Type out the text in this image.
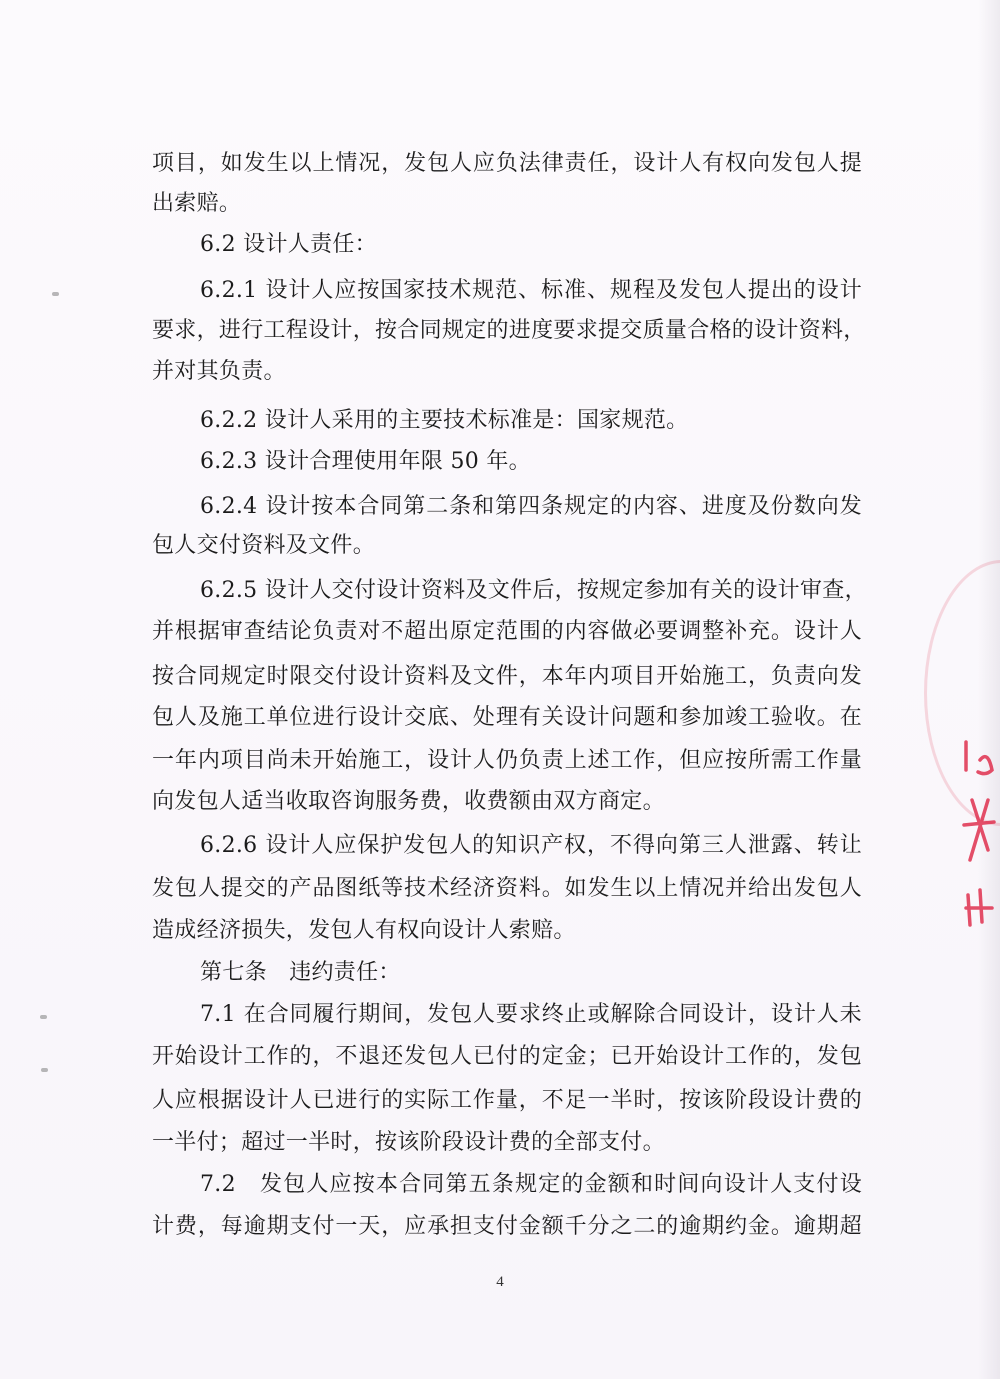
项目，如发生以上情况，发包人应负法律责任，设计人有权向发包人提
出索赔。
6.2 设计人责任：
6.2.1 设计人应按国家技术规范、标准、规程及发包人提出的设计
要求，进行工程设计，按合同规定的进度要求提交质量合格的设计资料，
并对其负责。
6.2.2 设计人采用的主要技术标准是：国家规范。
6.2.3 设计合理使用年限 50 年。
6.2.4 设计按本合同第二条和第四条规定的内容、进度及份数向发
包人交付资料及文件。
6.2.5 设计人交付设计资料及文件后，按规定参加有关的设计审查，
并根据审查结论负责对不超出原定范围的内容做必要调整补充。设计人
按合同规定时限交付设计资料及文件，本年内项目开始施工，负责向发
包人及施工单位进行设计交底、处理有关设计问题和参加竣工验收。在
一年内项目尚未开始施工，设计人仍负责上述工作，但应按所需工作量
向发包人适当收取咨询服务费，收费额由双方商定。
6.2.6 设计人应保护发包人的知识产权，不得向第三人泄露、转让
发包人提交的产品图纸等技术经济资料。如发生以上情况并给出发包人
造成经济损失，发包人有权向设计人索赔。
第七条　违约责任：
7.1 在合同履行期间，发包人要求终止或解除合同设计，设计人未
开始设计工作的，不退还发包人已付的定金；已开始设计工作的，发包
人应根据设计人已进行的实际工作量，不足一半时，按该阶段设计费的
一半付；超过一半时，按该阶段设计费的全部支付。
7.2　发包人应按本合同第五条规定的金额和时间向设计人支付设
计费，每逾期支付一天，应承担支付金额千分之二的逾期约金。逾期超
4
